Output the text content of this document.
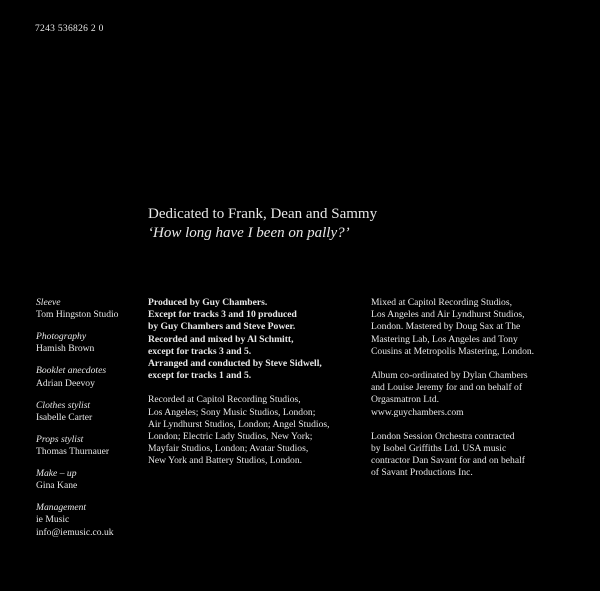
7243 536826 2 0
Dedicated to Frank, Dean and Sammy
‘How long have I been on pally?’
Sleeve
Tom Hingston Studio
Photography
Hamish Brown
Booklet anecdotes
Adrian Deevoy
Clothes stylist
Isabelle Carter
Props stylist
Thomas Thurnauer
Make – up
Gina Kane
Management
ie Music
info@iemusic.co.uk
Produced by Guy Chambers.
Except for tracks 3 and 10 produced
by Guy Chambers and Steve Power.
Recorded and mixed by Al Schmitt,
except for tracks 3 and 5.
Arranged and conducted by Steve Sidwell,
except for tracks 1 and 5.
Recorded at Capitol Recording Studios,
Los Angeles; Sony Music Studios, London;
Air Lyndhurst Studios, London; Angel Studios,
London; Electric Lady Studios, New York;
Mayfair Studios, London; Avatar Studios,
New York and Battery Studios, London.
Mixed at Capitol Recording Studios,
Los Angeles and Air Lyndhurst Studios,
London. Mastered by Doug Sax at The
Mastering Lab, Los Angeles and Tony
Cousins at Metropolis Mastering, London.
Album co-ordinated by Dylan Chambers
and Louise Jeremy for and on behalf of
Orgasmatron Ltd.
www.guychambers.com
London Session Orchestra contracted
by Isobel Griffiths Ltd. USA music
contractor Dan Savant for and on behalf
of Savant Productions Inc.
